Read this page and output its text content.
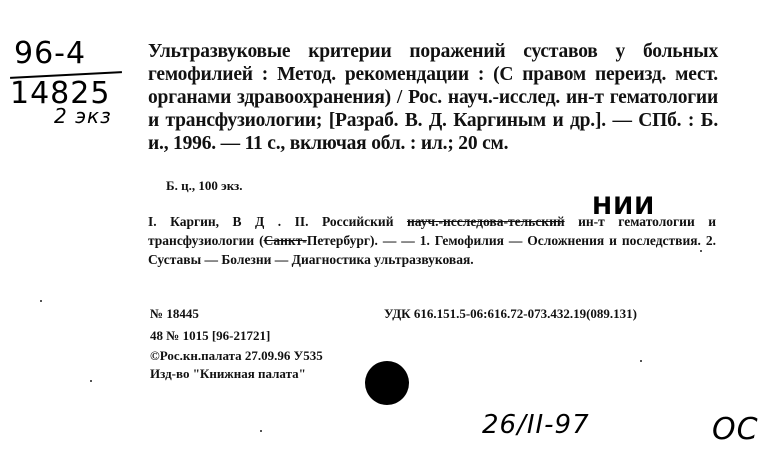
96-4
14825
2 экз
НИИ
26/II-97	ОС
Ультразвуковые критерии поражений суставов у больных гемофилией : Метод. рекомендации : (С правом переизд. мест. органами здравоохранения) / Рос. науч.-исслед. ин-т гематологии и трансфузиологии; [Разраб. В. Д. Каргиным и др.]. — СПб. : Б. и., 1996. — 11 с., включая обл. : ил.; 20 см.
Б. ц., 100 экз.
I. Каргин, В Д . II. Российский науч.-исследова-тельский ин-т гематологии и трансфузиологии (Санкт-Петербург). — — 1. Гемофилия — Осложнения и последствия. 2. Суставы — Болезни — Диагностика ультразвуковая.
№ 18445	УДК 616.151.5-06:616.72-073.432.19(089.131)
48 № 1015 [96-21721]
©Рос.кн.палата 27.09.96 У535
Изд-во "Книжная палата"
